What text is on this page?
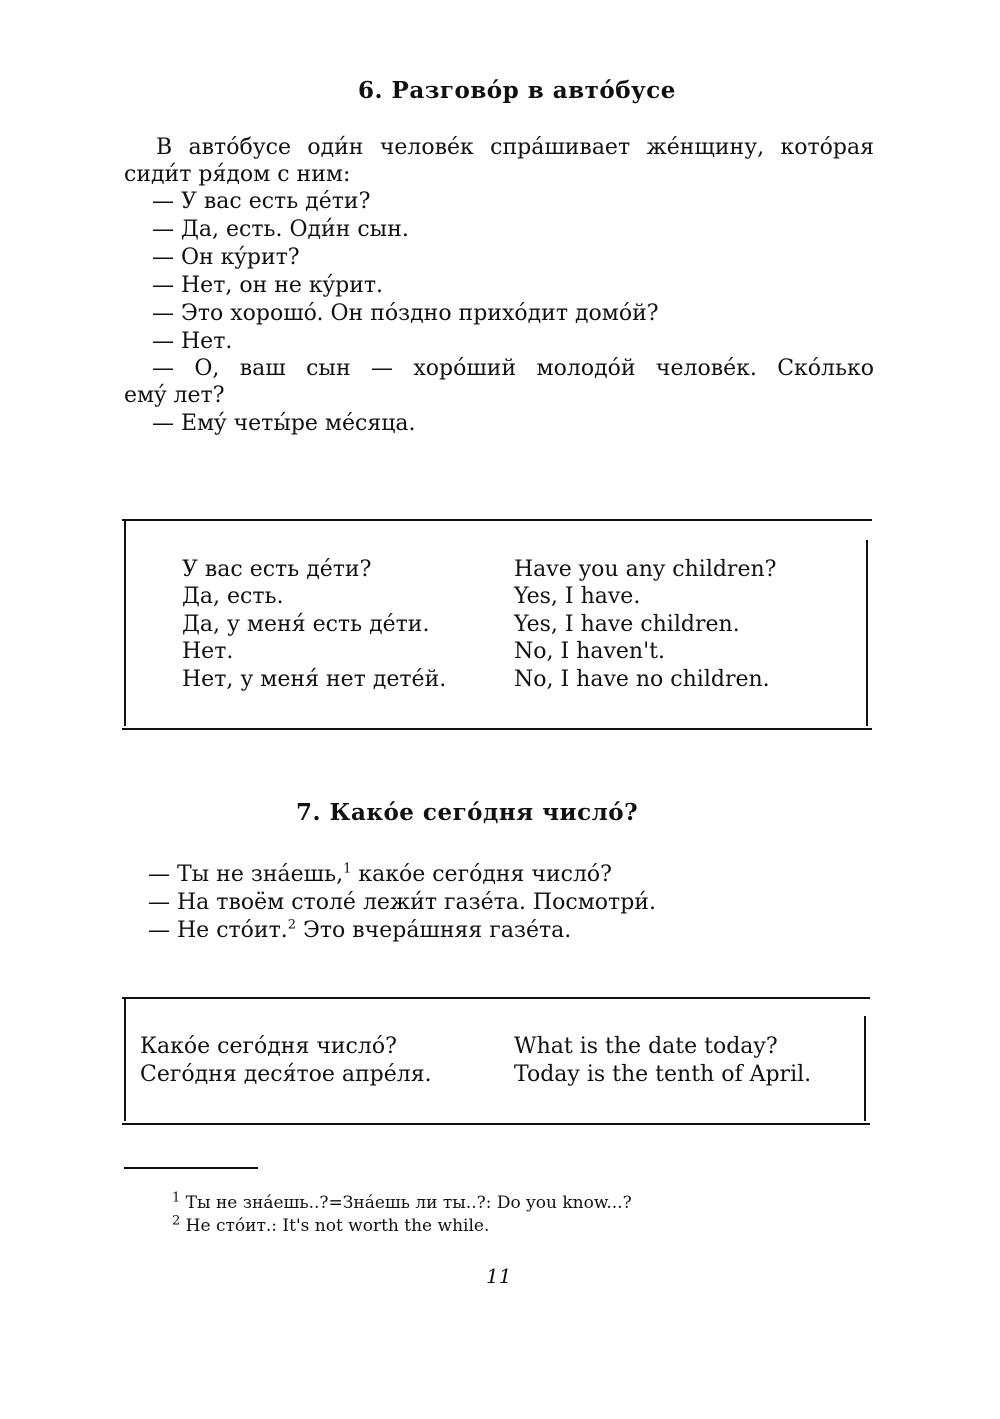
6. Разговóр в автóбусе
В автóбусе оди́н человéк спрáшивает жéнщину, котóрая
сиди́т ря́дом с ним:
— У вас есть дéти?
— Да, есть. Оди́н сын.
— Он кýрит?
— Нет, он не кýрит.
— Это хорошó. Он пóздно прихóдит домóй?
— Нет.
— О, ваш сын — хорóший молодóй человéк. Скóлько
емý лет?
— Емý четы́ре мéсяца.
У вас есть дéти?
Да, есть.
Да, у меня́ есть дéти.
Нет.
Нет, у меня́ нет детéй.
Have you any children?
Yes, I have.
Yes, I have children.
No, I haven't.
No, I have no children.
7. Какóе сегóдня числó?
— Ты не знáешь,$^1$ какóе сегóдня числó?
— На твоём столé лежи́т газéта. Посмотри́.
— Не стóит.$^2$ Это вчерáшняя газéта.
Какóе сегóдня числó?
Сегóдня деся́тое апрéля.
What is the date today?
Today is the tenth of April.
$^1$ Ты не знáешь..?=Знáешь ли ты..?: Do you know...?
$^2$ Не стóит.: It's not worth the while.
11
